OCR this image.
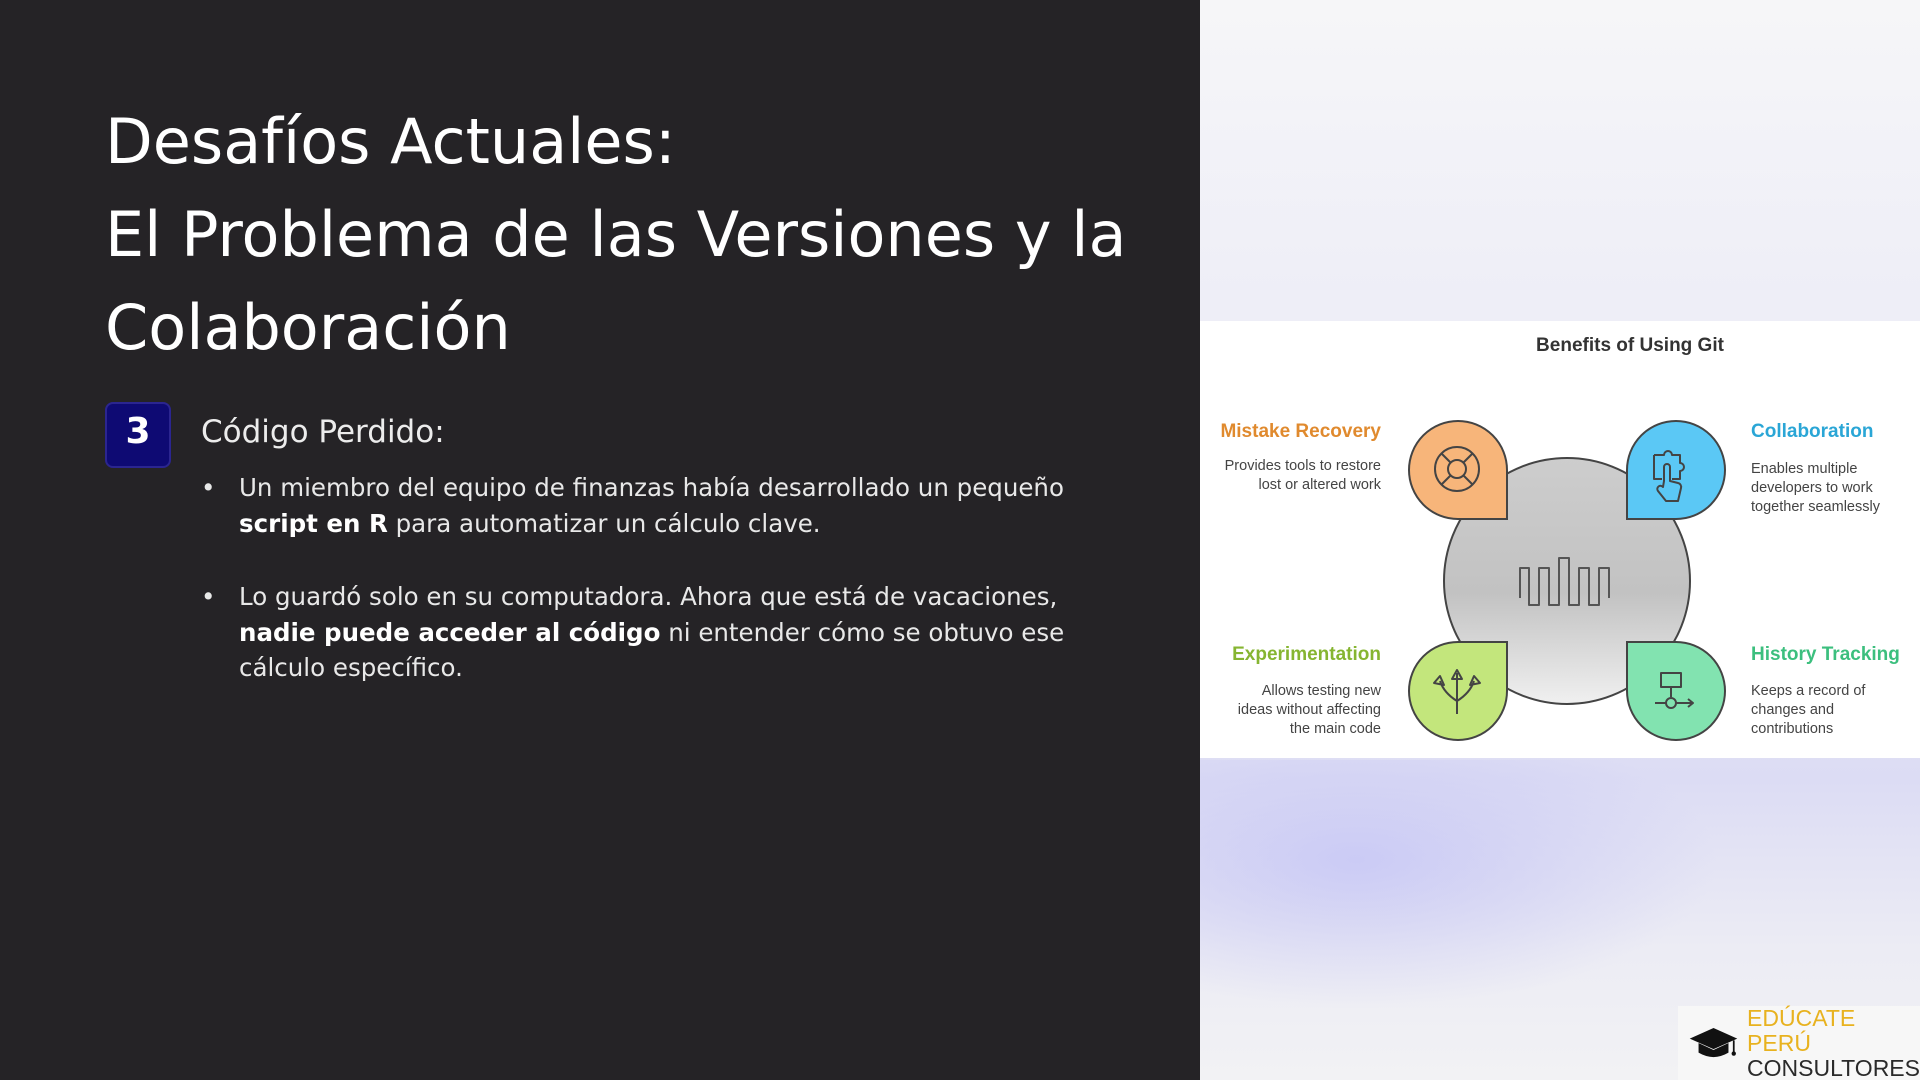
Desafíos Actuales:
El Problema de las Versiones y la
Colaboración
3	Código Perdido:
• Un miembro del equipo de finanzas había desarrollado un pequeño script en R para automatizar un cálculo clave.
• Lo guardó solo en su computadora. Ahora que está de vacaciones, nadie puede acceder al código ni entender cómo se obtuvo ese cálculo específico.
Benefits of Using Git
Mistake Recovery
Provides tools to restore
lost or altered work
Collaboration
Enables multiple
developers to work
together seamlessly
Experimentation
Allows testing new
ideas without affecting
the main code
History Tracking
Keeps a record of
changes and
contributions
EDÚCATE PERÚ
CONSULTORES
